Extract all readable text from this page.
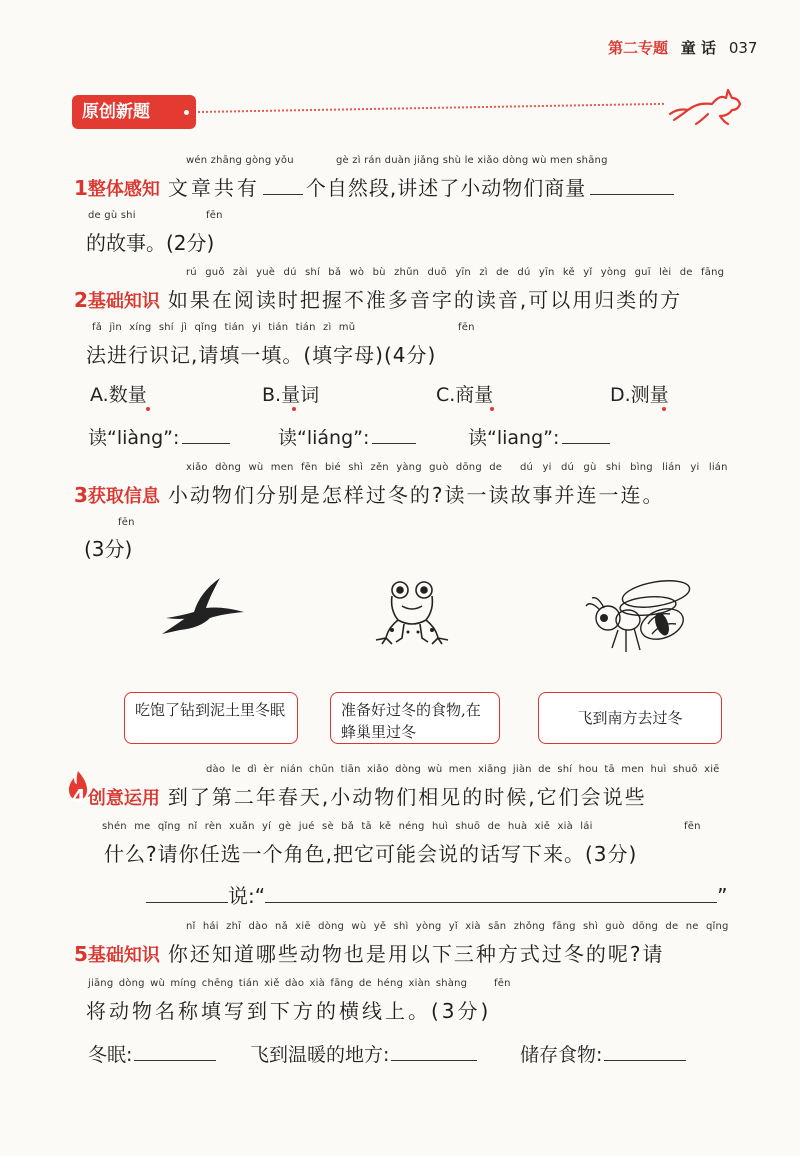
第二专题 童 话 037
原创新题
wén zhāng gòng yǒu	gè zì rán duàn jiǎng shù le xiǎo dòng wù men shāng
1整体感知 文章共有 个自然段,讲述了小动物们商量
de gù shi	fēn
的故事。(2分)
rú guǒ zài yuè dú shí bǎ wò bù zhǔn duō yīn zì de dú yīn kě yǐ yòng guī lèi de fāng
2基础知识 如果在阅读时把握不准多音字的读音,可以用归类的方
fǎ jìn xíng shí jì qǐng tián yi tián tián zì mǔ	fēn
法进行识记,请填一填。(填字母)(4分)
A.数量	B.量词	C.商量	D.测量
读“liàng”:	读“liáng”:	读“liang”:
xiǎo dòng wù men fēn bié shì zěn yàng guò dōng de dú yi dú gù shi bìng lián yi lián
3获取信息 小动物们分别是怎样过冬的?读一读故事并连一连。
fēn
(3分)
吃饱了钻到泥土里冬眠	准备好过冬的食物,在蜂巢里过冬
飞到南方去过冬
dào le dì èr nián chūn tiān xiǎo dòng wù men xiāng jiàn de shí hou tā men huì shuō xiē
4 创意运用 到了第二年春天,小动物们相见的时候,它们会说些
shén me qǐng nǐ rèn xuǎn yí gè jué sè bǎ tā kě néng huì shuō de huà xiě xià lái	fēn
什么?请你任选一个角色,把它可能会说的话写下来。(3分)
说:“	”
nǐ hái zhī dào nǎ xiē dòng wù yě shì yòng yǐ xià sān zhǒng fāng shì guò dōng de ne qǐng
5基础知识 你还知道哪些动物也是用以下三种方式过冬的呢?请
jiāng dòng wù míng chēng tián xiě dào xià fāng de héng xiàn shàng	fēn
将动物名称填写到下方的横线上。(3分)
冬眠:	飞到温暖的地方:	储存食物:
